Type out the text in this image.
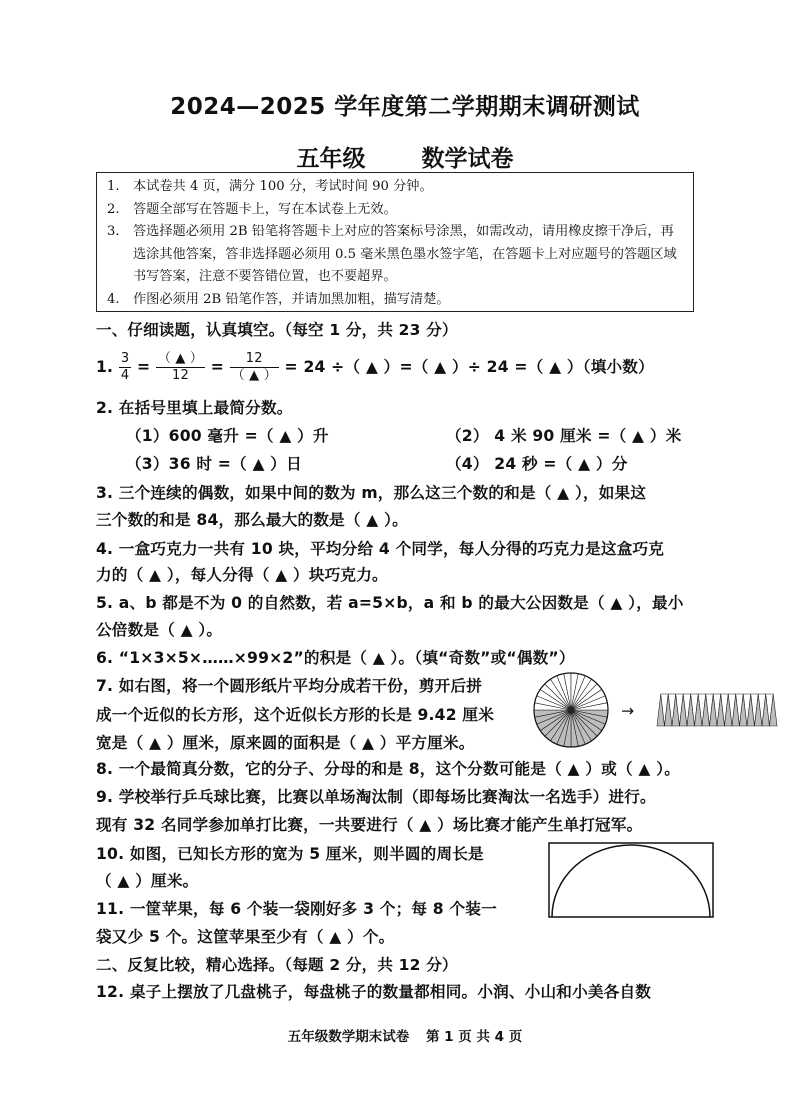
2024—2025 学年度第二学期期末调研测试
五年级 数学试卷
1.	本试卷共 4 页，满分 100 分，考试时间 90 分钟。
2.	答题全部写在答题卡上，写在本试卷上无效。
3.	答选择题必须用 2B 铅笔将答题卡上对应的答案标号涂黑，如需改动，请用橡皮擦干净后，再选涂其他答案，答非选择题必须用 0.5 毫米黑色墨水签字笔，在答题卡上对应题号的答题区域书写答案，注意不要答错位置，也不要超界。
4.	作图必须用 2B 铅笔作答，并请加黑加粗，描写清楚。
一、仔细读题，认真填空。（每空 1 分，共 23 分）
1. $\frac{3}{4} = \frac{( ▲ )}{12} = \frac{12}{( ▲ )} = 24$ ÷（ ▲ ）=（ ▲ ）÷ 24 =（ ▲ ）（填小数）
2. 在括号里填上最简分数。
（1）600 毫升 =（ ▲ ）升	（2） 4 米 90 厘米 =（ ▲ ）米
（3）36 时 =（ ▲ ）日	（4） 24 秒 =（ ▲ ）分
3. 三个连续的偶数，如果中间的数为 m，那么这三个数的和是（ ▲ ），如果这
三个数的和是 84，那么最大的数是（ ▲ ）。
4. 一盒巧克力一共有 10 块，平均分给 4 个同学，每人分得的巧克力是这盒巧克
力的（ ▲ ），每人分得（ ▲ ）块巧克力。
5. a、b 都是不为 0 的自然数，若 a=5×b，a 和 b 的最大公因数是（ ▲ ），最小
公倍数是（ ▲ ）。
6. “1×3×5×……×99×2”的积是（ ▲ ）。（填“奇数”或“偶数”）
7. 如右图，将一个圆形纸片平均分成若干份，剪开后拼
成一个近似的长方形，这个近似长方形的长是 9.42 厘米
宽是（ ▲ ）厘米，原来圆的面积是（ ▲ ）平方厘米。
→
8. 一个最简真分数，它的分子、分母的和是 8，这个分数可能是（ ▲ ）或（ ▲ ）。
9. 学校举行乒乓球比赛，比赛以单场淘汰制（即每场比赛淘汰一名选手）进行。
现有 32 名同学参加单打比赛，一共要进行（ ▲ ）场比赛才能产生单打冠军。
10. 如图，已知长方形的宽为 5 厘米，则半圆的周长是
（ ▲ ）厘米。
11. 一筐苹果，每 6 个装一袋刚好多 3 个；每 8 个装一
袋又少 5 个。这筐苹果至少有（ ▲ ）个。
二、反复比较，精心选择。（每题 2 分，共 12 分）
12. 桌子上摆放了几盘桃子，每盘桃子的数量都相同。小润、小山和小美各自数
五年级数学期末试卷 第 1 页 共 4 页
